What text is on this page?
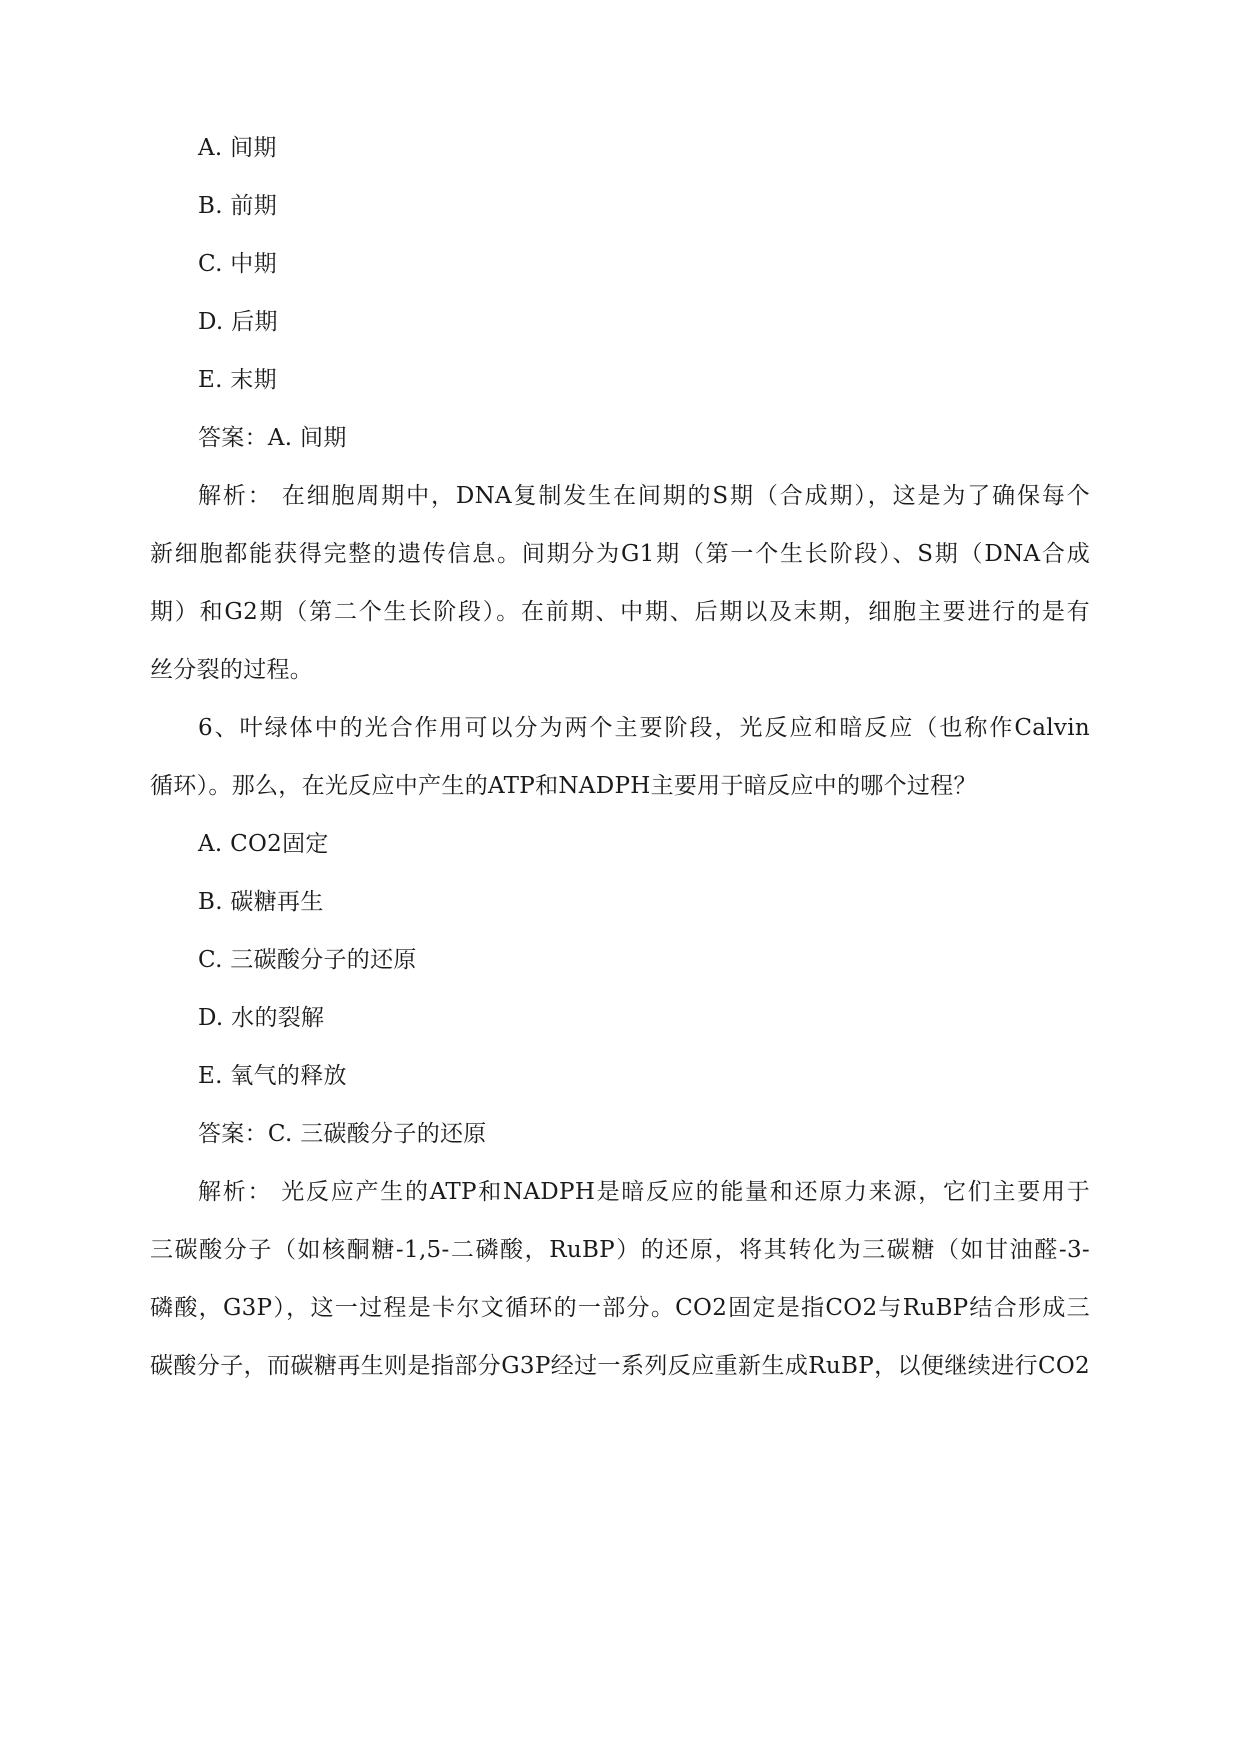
A. 间期
B. 前期
C. 中期
D. 后期
E. 末期
答案：A. 间期
解析： 在细胞周期中，DNA复制发生在间期的S期（合成期），这是为了确保每个
新细胞都能获得完整的遗传信息。间期分为G1期（第一个生长阶段）、S期（DNA合成
期）和G2期（第二个生长阶段）。在前期、中期、后期以及末期，细胞主要进行的是有
丝分裂的过程。
6、叶绿体中的光合作用可以分为两个主要阶段，光反应和暗反应（也称作Calvin
循环）。那么，在光反应中产生的ATP和NADPH主要用于暗反应中的哪个过程？
A. CO2固定
B. 碳糖再生
C. 三碳酸分子的还原
D. 水的裂解
E. 氧气的释放
答案：C. 三碳酸分子的还原
解析： 光反应产生的ATP和NADPH是暗反应的能量和还原力来源，它们主要用于
三碳酸分子（如核酮糖-1,5-二磷酸，RuBP）的还原，将其转化为三碳糖（如甘油醛-3-
磷酸，G3P），这一过程是卡尔文循环的一部分。CO2固定是指CO2与RuBP结合形成三
碳酸分子，而碳糖再生则是指部分G3P经过一系列反应重新生成RuBP，以便继续进行CO2
